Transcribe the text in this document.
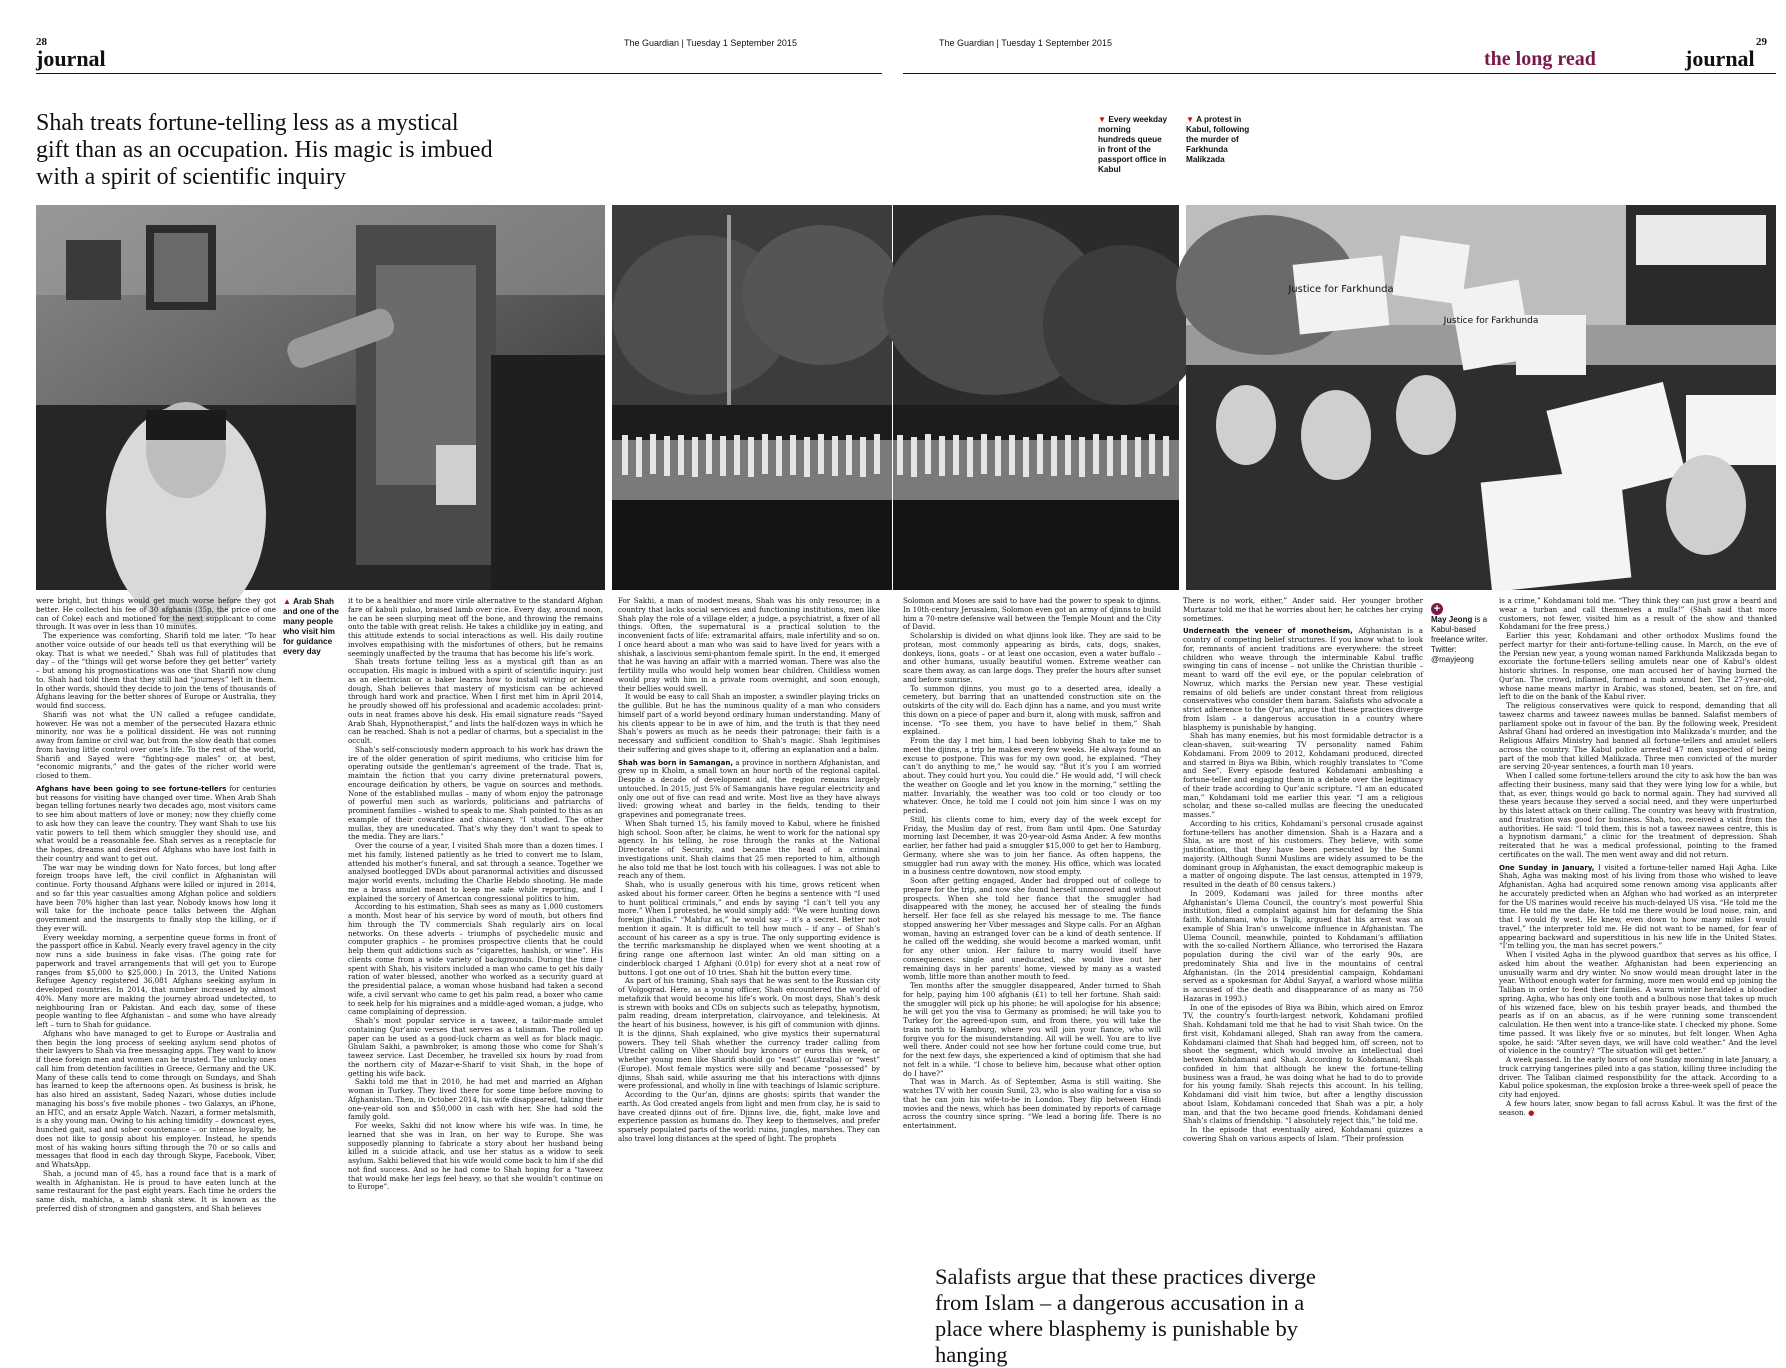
28
journal
The Guardian | Tuesday 1 September 2015
Shah treats fortune-telling less as a mystical gift than as an occupation. His magic is imbued with a spirit of scientific inquiry
▲ Arab Shah and one of the many people who visit him for guidance every day

were bright, but things would get much worse before they got better. He collected his fee of 30 afghanis (35p, the price of one can of Coke) each and motioned for the next supplicant to come through. It was over in less than 10 minutes.

The experience was comforting, Sharifi told me later. “To hear another voice outside of our heads tell us that everything will be okay. That is what we needed.” Shah was full of platitudes that day – of the “things will get worse before they get better” variety – but among his prognostications was one that Sharifi now clung to. Shah had told them that they still had “journeys” left in them. In other words, should they decide to join the tens of thousands of Afghans leaving for the better shores of Europe or Australia, they would find success.

Sharifi was not what the UN called a refugee candidate, however. He was not a member of the persecuted Hazara ethnic minority, nor was he a political dissident. He was not running away from famine or civil war, but from the slow death that comes from having little control over one’s life. To the rest of the world, Sharifi and Sayed were “fighting-age males” or, at best, “economic migrants,” and the gates of the richer world were closed to them.

Afghans have been going to see fortune-tellers for centuries but reasons for visiting have changed over time. When Arab Shah began telling fortunes nearly two decades ago, most visitors came to see him about matters of love or money; now they chiefly come to ask how they can leave the country. They want Shah to use his vatic powers to tell them which smuggler they should use, and what would be a reasonable fee. Shah serves as a receptacle for the hopes, dreams and desires of Afghans who have lost faith in their country and want to get out.

The war may be winding down for Nato forces, but long after foreign troops have left, the civil conflict in Afghanistan will continue. Forty thousand Afghans were killed or injured in 2014, and so far this year casualties among Afghan police and soldiers have been 70% higher than last year. Nobody knows how long it will take for the inchoate peace talks between the Afghan government and the insurgents to finally stop the killing, or if they ever will.

Every weekday morning, a serpentine queue forms in front of the passport office in Kabul. Nearly every travel agency in the city now runs a side business in fake visas. (The going rate for paperwork and travel arrangements that will get you to Europe ranges from $5,000 to $25,000.) In 2013, the United Nations Refugee Agency registered 36,081 Afghans seeking asylum in developed countries. In 2014, that number increased by almost 40%. Many more are making the journey abroad undetected, to neighbouring Iran or Pakistan. And each day, some of these people wanting to flee Afghanistan – and some who have already left – turn to Shah for guidance.

Afghans who have managed to get to Europe or Australia and then begin the long process of seeking asylum send photos of their lawyers to Shah via free messaging apps. They want to know if these foreign men and women can be trusted. The unlucky ones call him from detention facilities in Greece, Germany and the UK. Many of these calls tend to come through on Sundays, and Shah has learned to keep the afternoons open. As business is brisk, he has also hired an assistant, Sadeq Nazari, whose duties include managing his boss’s five mobile phones – two Galaxys, an iPhone, an HTC, and an ersatz Apple Watch. Nazari, a former metalsmith, is a shy young man. Owing to his aching timidity – downcast eyes, hunched gait, sad and sober countenance – or intense loyalty, he does not like to gossip about his employer. Instead, he spends most of his waking hours sifting through the 70 or so calls and messages that flood in each day through Skype, Facebook, Viber, and WhatsApp.

Shah, a jocund man of 45, has a round face that is a mark of wealth in Afghanistan. He is proud to have eaten lunch at the same restaurant for the past eight years. Each time he orders the same dish, mahicha, a lamb shank stew. It is known as the preferred dish of strongmen and gangsters, and Shah believes

it to be a healthier and more virile alternative to the standard Afghan fare of kabuli pulao, braised lamb over rice. Every day, around noon, he can be seen slurping meat off the bone, and throwing the remains onto the table with great relish. He takes a childlike joy in eating, and this attitude extends to social interactions as well. His daily routine involves empathising with the misfortunes of others, but he remains seemingly unaffected by the trauma that has become his life’s work.

Shah treats fortune telling less as a mystical gift than as an occupation. His magic is imbued with a spirit of scientific inquiry: just as an electrician or a baker learns how to install wiring or knead dough, Shah believes that mastery of mysticism can be achieved through hard work and practice. When I first met him in April 2014, he proudly showed off his professional and academic accolades: print-outs in neat frames above his desk. His email signature reads “Sayed Arab Shah, Hypnotherapist,” and lists the half-dozen ways in which he can be reached. Shah is not a pedlar of charms, but a specialist in the occult.

Shah’s self-consciously modern approach to his work has drawn the ire of the older generation of spirit mediums, who criticise him for operating outside the gentleman’s agreement of the trade. That is, maintain the fiction that you carry divine preternatural powers, encourage deification by others, be vague on sources and methods. None of the established mullas – many of whom enjoy the patronage of powerful men such as warlords, politicians and patriarchs of prominent families – wished to speak to me. Shah pointed to this as an example of their cowardice and chicanery. “I studied. The other mullas, they are uneducated. That’s why they don’t want to speak to the media. They are liars.”

Over the course of a year, I visited Shah more than a dozen times. I met his family, listened patiently as he tried to convert me to Islam, attended his mother’s funeral, and sat through a seance. Together we analysed bootlegged DVDs about paranormal activities and discussed major world events, including the Charlie Hebdo shooting. He made me a brass amulet meant to keep me safe while reporting, and I explained the sorcery of American congressional politics to him.

According to his estimation, Shah sees as many as 1,000 customers a month. Most hear of his service by word of mouth, but others find him through the TV commercials Shah regularly airs on local networks. On these adverts – triumphs of psychedelic music and computer graphics – he promises prospective clients that he could help them quit addictions such as “cigarettes, hashish, or wine”. His clients come from a wide variety of backgrounds. During the time I spent with Shah, his visitors included a man who came to get his daily ration of water blessed, another who worked as a security guard at the presidential palace, a woman whose husband had taken a second wife, a civil servant who came to get his palm read, a boxer who came to seek help for his migraines and a middle-aged woman, a judge, who came complaining of depression.

Shah’s most popular service is a taweez, a tailor-made amulet containing Qur’anic verses that serves as a talisman. The rolled up paper can be used as a good-luck charm as well as for black magic. Ghulam Sakhi, a pawnbroker, is among those who come for Shah’s taweez service. Last December, he travelled six hours by road from the northern city of Mazar-e-Sharif to visit Shah, in the hope of getting his wife back.

Sakhi told me that in 2010, he had met and married an Afghan woman in Turkey. They lived there for some time before moving to Afghanistan. Then, in October 2014, his wife disappeared, taking their one-year-old son and $50,000 in cash with her. She had sold the family gold.

For weeks, Sakhi did not know where his wife was. In time, he learned that she was in Iran, on her way to Europe. She was supposedly planning to fabricate a story about her husband being killed in a suicide attack, and use her status as a widow to seek asylum. Sakhi believed that his wife would come back to him if she did not find success. And so he had come to Shah hoping for a “taweez that would make her legs feel heavy, so that she wouldn’t continue on to Europe”.

For Sakhi, a man of modest means, Shah was his only resource; in a country that lacks social services and functioning institutions, men like Shah play the role of a village elder, a judge, a psychiatrist, a fixer of all things. Often, the supernatural is a practical solution to the inconvenient facts of life: extramarital affairs, male infertility and so on. I once heard about a man who was said to have lived for years with a shishak, a lascivious semi-phantom female spirit. In the end, it emerged that he was having an affair with a married woman. There was also the fertility mulla who would help women bear children. Childless women would pray with him in a private room overnight, and soon enough, their bellies would swell.

It would be easy to call Shah an imposter, a swindler playing tricks on the gullible. But he has the numinous quality of a man who considers himself part of a world beyond ordinary human understanding. Many of his clients appear to be in awe of him, and the truth is that they need Shah’s powers as much as he needs their patronage; their faith is a necessary and sufficient condition to Shah’s magic. Shah legitimises their suffering and gives shape to it, offering an explanation and a balm.

Shah was born in Samangan, a province in northern Afghanistan, and grew up in Kholm, a small town an hour north of the regional capital. Despite a decade of development aid, the region remains largely untouched. In 2015, just 5% of Samanganis have regular electricity and only one out of five can read and write. Most live as they have always lived: growing wheat and barley in the fields, tending to their grapevines and pomegranate trees.

When Shah turned 15, his family moved to Kabul, where he finished high school. Soon after, he claims, he went to work for the national spy agency. In his telling, he rose through the ranks at the National Directorate of Security, and became the head of a criminal investigations unit. Shah claims that 25 men reported to him, although he also told me that he lost touch with his colleagues. I was not able to reach any of them.

Shah, who is usually generous with his time, grows reticent when asked about his former career. Often he begins a sentence with “I used to hunt political criminals,” and ends by saying “I can’t tell you any more.” When I protested, he would simply add: “We were hunting down foreign jihadis.” “Mahfuz as,” he would say – it’s a secret. Better not mention it again. It is difficult to tell how much – if any – of Shah’s account of his career as a spy is true. The only supporting evidence is the terrific marksmanship he displayed when we went shooting at a firing range one afternoon last winter. An old man sitting on a cinderblock charged 1 Afghani (0.01p) for every shot at a neat row of buttons. I got one out of 10 tries. Shah hit the button every time.

As part of his training, Shah says that he was sent to the Russian city of Volgograd. Here, as a young officer, Shah encountered the world of metafizik that would become his life’s work. On most days, Shah’s desk is strewn with books and CDs on subjects such as telepathy, hypnotism, palm reading, dream interpretation, clairvoyance, and telekinesis. At the heart of his business, however, is his gift of communion with djinns. It is the djinns, Shah explained, who give mystics their supernatural powers. They tell Shah whether the currency trader calling from Utrecht calling on Viber should buy kronors or euros this week, or whether young men like Sharifi should go “east” (Australia) or “west” (Europe). Most female mystics were silly and became “possessed” by djinns, Shah said, while assuring me that his interactions with djinns were professional, and wholly in line with teachings of Islamic scripture.

According to the Qur’an, djinns are ghosts: spirits that wander the earth. As God created angels from light and men from clay, he is said to have created djinns out of fire. Djinns live, die, fight, make love and experience passion as humans do. They keep to themselves, and prefer sparsely populated parts of the world: ruins, jungles, marshes. They can also travel long distances at the speed of light. The prophets

The Guardian | Tuesday 1 September 2015
the long read
29
journal
▼ Every weekday morning hundreds queue in front of the passport office in Kabul
▼ A protest in Kabul, following the murder of Farkhunda Malikzada
Justice for Farkhunda
Justice for Farkhunda

Solomon and Moses are said to have had the power to speak to djinns. In 10th-century Jerusalem, Solomon even got an army of djinns to build him a 70-metre defensive wall between the Temple Mount and the City of David.

Scholarship is divided on what djinns look like. They are said to be protean, most commonly appearing as birds, cats, dogs, snakes, donkeys, lions, goats – or at least one occasion, even a water buffalo – and other humans, usually beautiful women. Extreme weather can scare them away, as can large dogs. They prefer the hours after sunset and before sunrise.

To summon djinns, you must go to a deserted area, ideally a cemetery, but barring that an unattended construction site on the outskirts of the city will do. Each djinn has a name, and you must write this down on a piece of paper and burn it, along with musk, saffron and incense. “To see them, you have to have belief in them,” Shah explained.

From the day I met him, I had been lobbying Shah to take me to meet the djinns, a trip he makes every few weeks. He always found an excuse to postpone. This was for my own good, he explained. “They can’t do anything to me,” he would say. “But it’s you I am worried about. They could hurt you. You could die.” He would add, “I will check the weather on Google and let you know in the morning,” settling the matter. Invariably, the weather was too cold or too cloudy or too whatever. Once, he told me I could not join him since I was on my period.

Still, his clients come to him, every day of the week except for Friday, the Muslim day of rest, from 8am until 4pm. One Saturday morning last December, it was 20-year-old Asma Ander. A few months earlier, her father had paid a smuggler $15,000 to get her to Hamburg, Germany, where she was to join her fiance. As often happens, the smuggler had run away with the money. His office, which was located in a business centre downtown, now stood empty.

Soon after getting engaged, Ander had dropped out of college to prepare for the trip, and now she found herself unmoored and without prospects. When she told her fiance that the smuggler had disappeared with the money, he accused her of stealing the funds herself. Her face fell as she relayed his message to me. The fiance stopped answering her Viber messages and Skype calls. For an Afghan woman, having an estranged lover can be a kind of death sentence. If he called off the wedding, she would become a marked woman, unfit for any other union. Her failure to marry would itself have consequences: single and uneducated, she would live out her remaining days in her parents’ home, viewed by many as a wasted womb, little more than another mouth to feed.

Ten months after the smuggler disappeared, Ander turned to Shah for help, paying him 100 afghanis (£1) to tell her fortune. Shah said: the smuggler will pick up his phone; he will apologise for his absence; he will get you the visa to Germany as promised; he will take you to Turkey for the agreed-upon sum, and from there, you will take the train north to Hamburg, where you will join your fiance, who will forgive you for the misunderstanding. All will be well. You are to live well there. Ander could not see how her fortune could come true, but for the next few days, she experienced a kind of optimism that she had not felt in a while. “I chose to believe him, because what other option do I have?”

That was in March. As of September, Asma is still waiting. She watches TV with her cousin Sunil, 23, who is also waiting for a visa so that he can join his wife-to-be in London. They flip between Hindi movies and the news, which has been dominated by reports of carnage across the country since spring. “We lead a boring life. There is no entertainment.

There is no work, either,” Ander said. Her younger brother Murtazar told me that he worries about her; he catches her crying sometimes.

Underneath the veneer of monotheism, Afghanistan is a country of competing belief structures. If you know what to look for, remnants of ancient traditions are everywhere: the street children who weave through the interminable Kabul traffic swinging tin cans of incense – not unlike the Christian thurible – meant to ward off the evil eye, or the popular celebration of Nowruz, which marks the Persian new year. These vestigial remains of old beliefs are under constant threat from religious conservatives who consider them haram. Salafists who advocate a strict adherence to the Qur’an, argue that these practices diverge from Islam – a dangerous accusation in a country where blasphemy is punishable by hanging.

Shah has many enemies, but his most formidable detractor is a clean-shaven, suit-wearing TV personality named Fahim Kohdamani. From 2009 to 2012, Kohdamani produced, directed and starred in Biya wa Bibin, which roughly translates to “Come and See”. Every episode featured Kohdamani ambushing a fortune-teller and engaging them in a debate over the legitimacy of their trade according to Qur’anic scripture. “I am an educated man,” Kohdamani told me earlier this year. “I am a religious scholar, and these so-called mullas are fleecing the uneducated masses.”

According to his critics, Kohdamani’s personal crusade against fortune-tellers has another dimension. Shah is a Hazara and a Shia, as are most of his customers. They believe, with some justification, that they have been persecuted by the Sunni majority. (Although Sunni Muslims are widely assumed to be the dominant group in Afghanistan, the exact demographic makeup is a matter of ongoing dispute. The last census, attempted in 1979, resulted in the death of 80 census takers.)

In 2009, Kodamani was jailed for three months after Afghanistan’s Ulema Council, the country’s most powerful Shia institution, filed a complaint against him for defaming the Shia faith. Kohdamani, who is Tajik, argued that his arrest was an example of Shia Iran’s unwelcome influence in Afghanistan. The Ulema Council, meanwhile, pointed to Kohdamani’s affiliation with the so-called Northern Alliance, who terrorised the Hazara population during the civil war of the early 90s, are predominately Shia and live in the mountains of central Afghanistan. (In the 2014 presidential campaign, Kohdamani served as a spokesman for Abdul Sayyaf, a warlord whose militia is accused of the death and disappearance of as many as 750 Hazaras in 1993.)

In one of the episodes of Biya wa Bibin, which aired on Emroz TV, the country’s fourth-largest network, Kohdamani profiled Shah. Kohdamani told me that he had to visit Shah twice. On the first visit, Kohdamani alleged, Shah ran away from the camera. Kohdamani claimed that Shah had begged him, off screen, not to shoot the segment, which would involve an intellectual duel between Kohdamani and Shah. According to Kohdamani, Shah confided in him that although he knew the fortune-telling business was a fraud, he was doing what he had to do to provide for his young family. Shah rejects this account. In his telling, Kohdamani did visit him twice, but after a lengthy discussion about Islam, Kohdamani conceded that Shah was a pir, a holy man, and that the two became good friends. Kohdamani denied Shah’s claims of friendship. “I absolutely reject this,” he told me.

In the episode that eventually aired, Kohdamani quizzes a cowering Shah on various aspects of Islam. “Their profession

+
May Jeong is a Kabul-based freelance writer. Twitter: @mayjeong

is a crime,” Kohdamani told me. “They think they can just grow a beard and wear a turban and call themselves a mulla!” (Shah said that more customers, not fewer, visited him as a result of the show and thanked Kohdamani for the free press.)

Earlier this year, Kohdamani and other orthodox Muslims found the perfect martyr for their anti-fortune-telling cause. In March, on the eve of the Persian new year, a young woman named Farkhunda Malikzada began to excoriate the fortune-tellers selling amulets near one of Kabul’s oldest historic shrines. In response, one man accused her of having burned the Qur’an. The crowd, inflamed, formed a mob around her. The 27-year-old, whose name means martyr in Arabic, was stoned, beaten, set on fire, and left to die on the bank of the Kabul river.

The religious conservatives were quick to respond, demanding that all taweez charms and taweez nawees mullas be banned. Salafist members of parliament spoke out in favour of the ban. By the following week, President Ashraf Ghani had ordered an investigation into Malikzada’s murder, and the Religious Affairs Ministry had banned all fortune-tellers and amulet sellers across the country. The Kabul police arrested 47 men suspected of being part of the mob that killed Malikzada. Three men convicted of the murder are serving 20-year sentences, a fourth man 10 years.

When I called some fortune-tellers around the city to ask how the ban was affecting their business, many said that they were lying low for a while, but that, as ever, things would go back to normal again. They had survived all these years because they served a social need, and they were unperturbed by this latest attack on their calling. The country was heavy with frustration, and frustration was good for business. Shah, too, received a visit from the authorities. He said: “I told them, this is not a taweez nawees centre, this is a hypnotism darmani,” a clinic for the treatment of depression. Shah reiterated that he was a medical professional, pointing to the framed certificates on the wall. The men went away and did not return.

One Sunday in January, I visited a fortune-teller named Haji Agha. Like Shah, Agha was making most of his living from those who wished to leave Afghanistan. Agha had acquired some renown among visa applicants after he accurately predicted when an Afghan who had worked as an interpreter for the US marines would receive his much-delayed US visa. “He told me the time. He told me the date. He told me there would be loud noise, rain, and that I would fly west. He knew, even down to how many miles I would travel,” the interpreter told me. He did not want to be named, for fear of appearing backward and superstitious in his new life in the United States. “I’m telling you, the man has secret powers.”

When I visited Agha in the plywood guardbox that serves as his office, I asked him about the weather. Afghanistan had been experiencing an unusually warm and dry winter. No snow would mean drought later in the year. Without enough water for farming, more men would end up joining the Taliban in order to feed their families. A warm winter heralded a bloodier spring. Agha, who has only one tooth and a bulbous nose that takes up much of his wizened face, blew on his tesbih prayer beads, and thumbed the pearls as if on an abacus, as if he were running some transcendent calculation. He then went into a trance-like state. I checked my phone. Some time passed. It was likely five or so minutes, but felt longer. When Agha spoke, he said: “After seven days, we will have cold weather.” And the level of violence in the country? “The situation will get better.”

A week passed. In the early hours of one Sunday morning in late January, a truck carrying tangerines piled into a gas station, killing three including the driver. The Taliban claimed responsibility for the attack. According to a Kabul police spokesman, the explosion broke a three-week spell of peace the city had enjoyed.

A few hours later, snow began to fall across Kabul. It was the first of the season. ●

Salafists argue that these practices diverge from Islam – a dangerous accusation in a place where blasphemy is punishable by hanging
